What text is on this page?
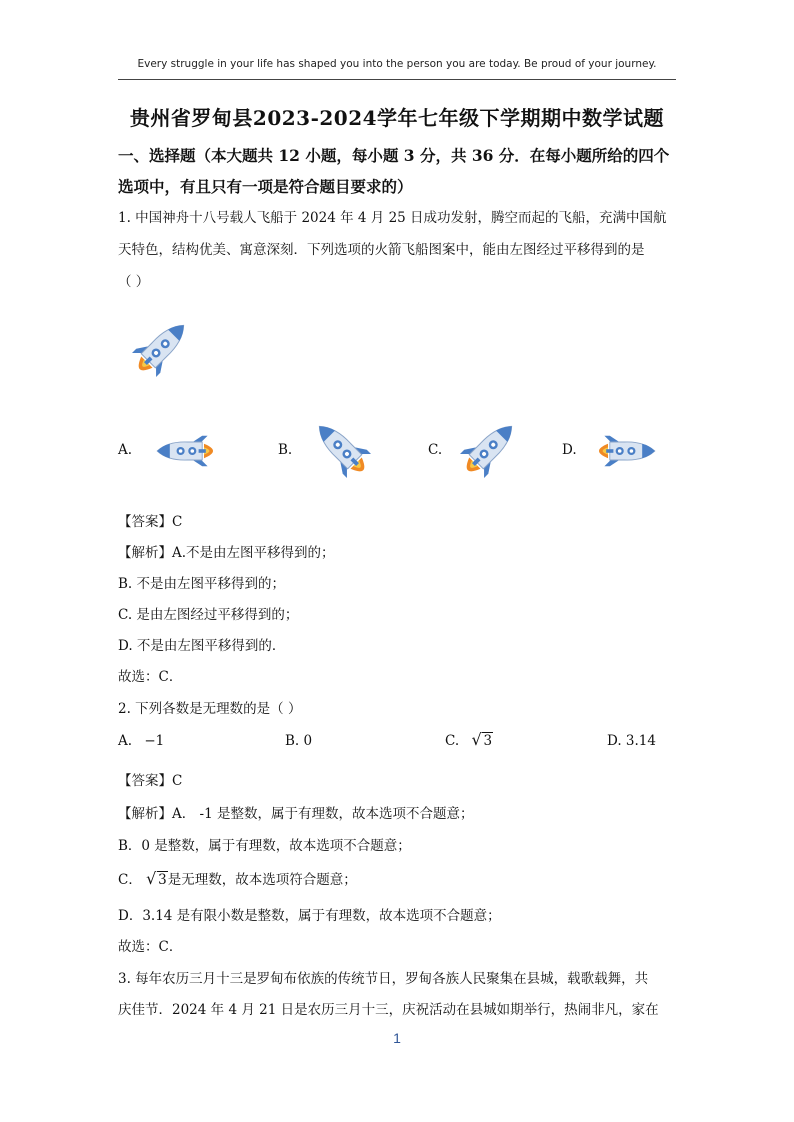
Every struggle in your life has shaped you into the person you are today. Be proud of your journey.
贵州省罗甸县2023-2024学年七年级下学期期中数学试题
一、选择题（本大题共 12 小题，每小题 3 分，共 36 分．在每小题所给的四个
选项中，有且只有一项是符合题目要求的）
1. 中国神舟十八号载人飞船于 2024 年 4 月 25 日成功发射，腾空而起的飞船，充满中国航
天特色，结构优美、寓意深刻．下列选项的火箭飞船图案中，能由左图经过平移得到的是
（ ）
A.	B.	C.	D.
【答案】C
【解析】A.不是由左图平移得到的；
B. 不是由左图平移得到的；
C. 是由左图经过平移得到的；
D. 不是由左图平移得到的．
故选：C．
2. 下列各数是无理数的是（ ）
A. −1	B. 0	C. √ 3	D. 3.14
【答案】C
【解析】A． -1 是整数，属于有理数，故本选项不合题意；
B．0 是整数，属于有理数，故本选项不合题意；
C． √ 3是无理数，故本选项符合题意；
D．3.14 是有限小数是整数，属于有理数，故本选项不合题意；
故选：C．
3. 每年农历三月十三是罗甸布依族的传统节日，罗甸各族人民聚集在县城，载歌载舞，共
庆佳节．2024 年 4 月 21 日是农历三月十三，庆祝活动在县城如期举行，热闹非凡，家在
1
